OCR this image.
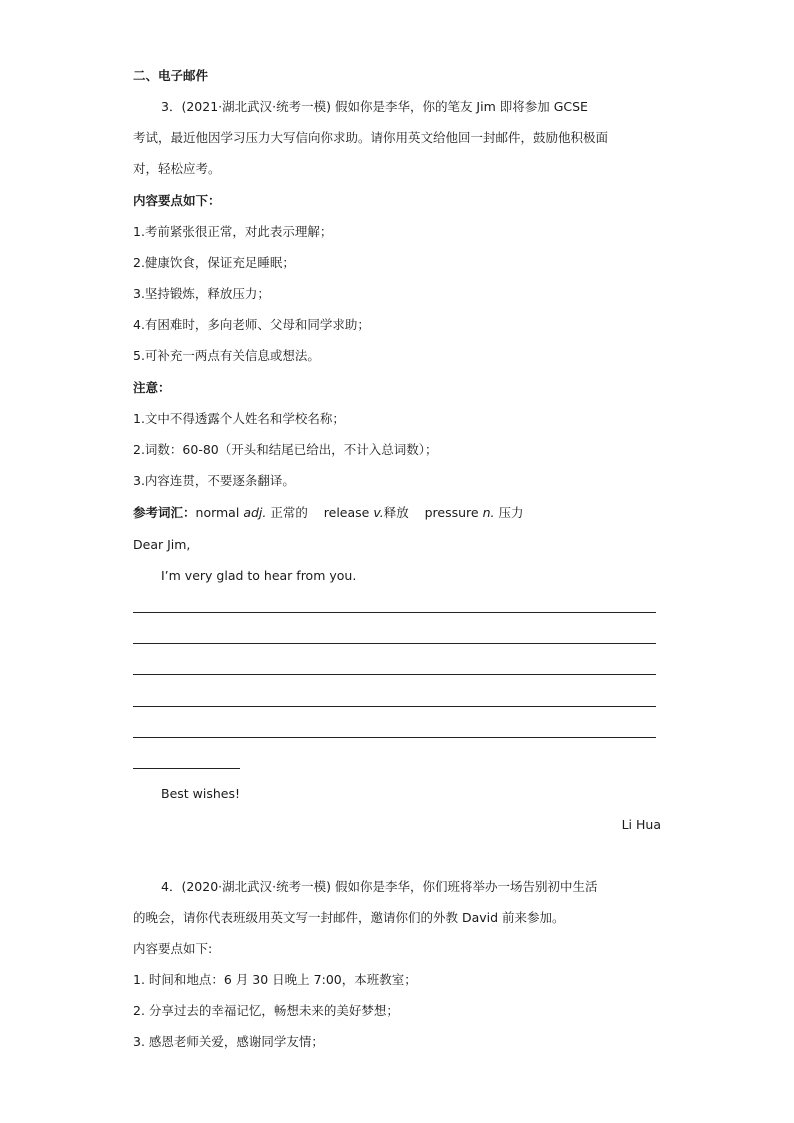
二、电子邮件
3．(2021·湖北武汉·统考一模) 假如你是李华，你的笔友 Jim 即将参加 GCSE
考试，最近他因学习压力大写信向你求助。请你用英文给他回一封邮件，鼓励他积极面
对，轻松应考。
内容要点如下：
1.考前紧张很正常，对此表示理解；
2.健康饮食，保证充足睡眠；
3.坚持锻炼，释放压力；
4.有困难时，多向老师、父母和同学求助；
5.可补充一两点有关信息或想法。
注意：
1.文中不得透露个人姓名和学校名称；
2.词数：60-80（开头和结尾已给出，不计入总词数）；
3.内容连贯，不要逐条翻译。
参考词汇：normal adj. 正常的 release v.释放 pressure n. 压力
Dear Jim,
I’m very glad to hear from you.
Best wishes!
Li Hua
4．(2020·湖北武汉·统考一模) 假如你是李华，你们班将举办一场告别初中生活
的晚会，请你代表班级用英文写一封邮件，邀请你们的外教 David 前来参加。
内容要点如下:
1. 时间和地点：6 月 30 日晚上 7:00，本班教室；
2. 分享过去的幸福记忆，畅想未来的美好梦想；
3. 感恩老师关爱，感谢同学友情；
